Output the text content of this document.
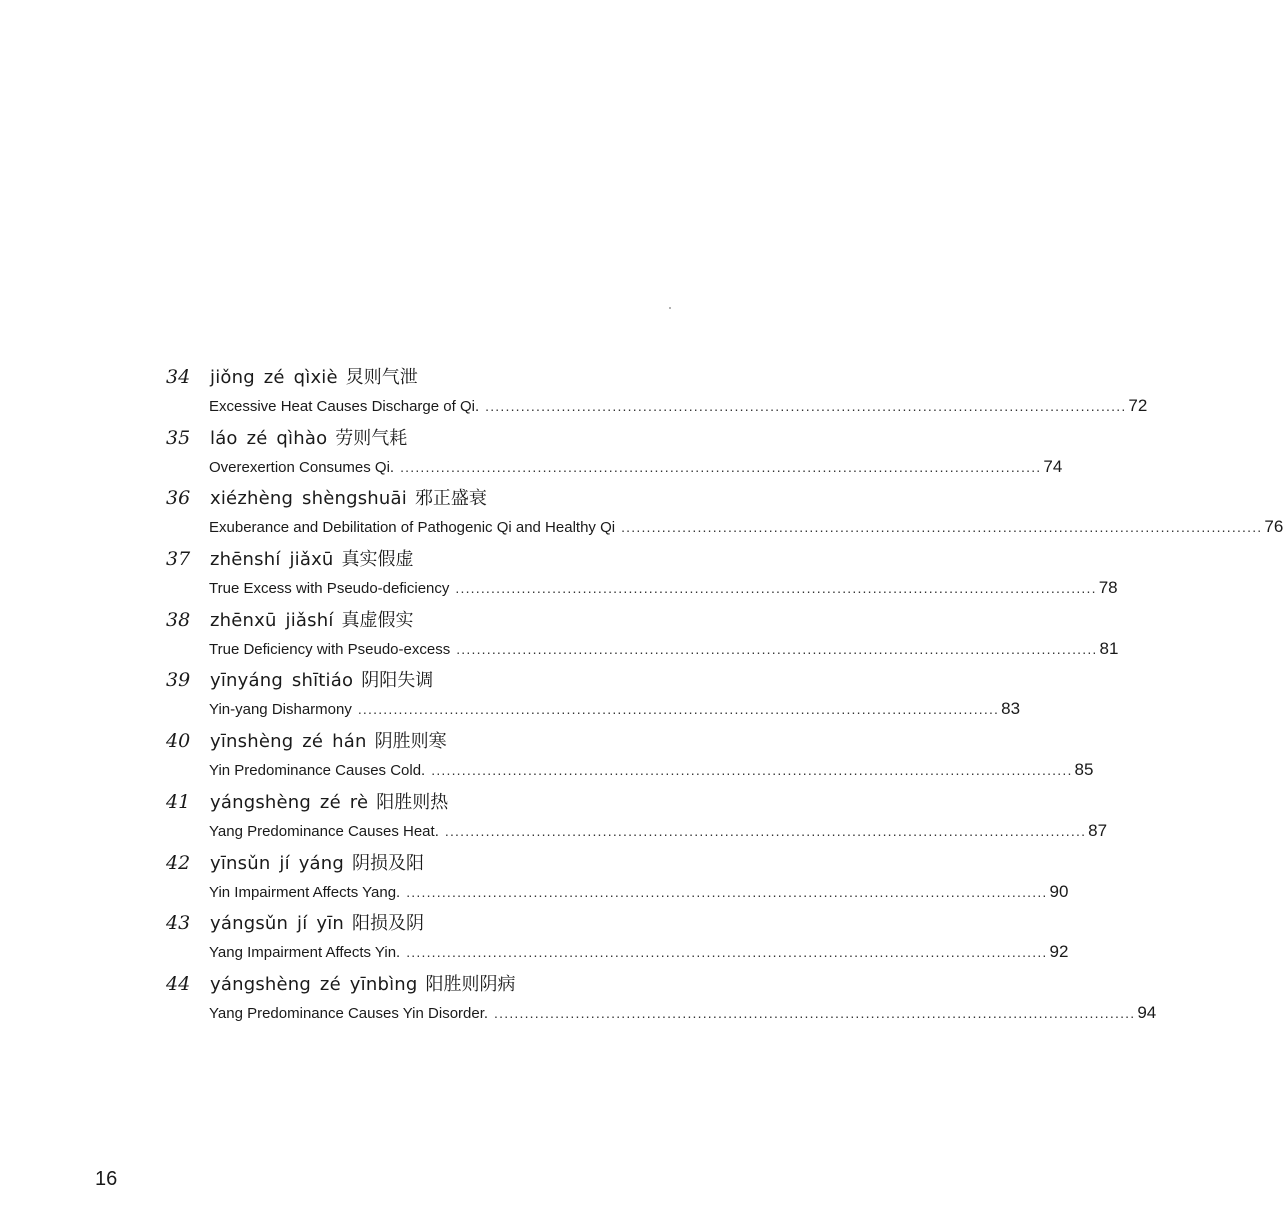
34	jiǒng zé qìxiè 炅则气泄
Excessive Heat Causes Discharge of Qi. .............................................................................................................................. 72
35	láo zé qìhào 劳则气耗
Overexertion Consumes Qi. .............................................................................................................................. 74
36	xiézhèng shèngshuāi 邪正盛衰
Exuberance and Debilitation of Pathogenic Qi and Healthy Qi .............................................................................................................................. 76
37	zhēnshí jiǎxū 真实假虚
True Excess with Pseudo-deficiency .............................................................................................................................. 78
38	zhēnxū jiǎshí 真虚假实
True Deficiency with Pseudo-excess .............................................................................................................................. 81
39	yīnyáng shītiáo 阴阳失调
Yin-yang Disharmony .............................................................................................................................. 83
40	yīnshèng zé hán 阴胜则寒
Yin Predominance Causes Cold. .............................................................................................................................. 85
41	yángshèng zé rè 阳胜则热
Yang Predominance Causes Heat. .............................................................................................................................. 87
42	yīnsǔn jí yáng 阴损及阳
Yin Impairment Affects Yang. .............................................................................................................................. 90
43	yángsǔn jí yīn 阳损及阴
Yang Impairment Affects Yin. .............................................................................................................................. 92
44	yángshèng zé yīnbìng 阳胜则阴病
Yang Predominance Causes Yin Disorder. .............................................................................................................................. 94
16
